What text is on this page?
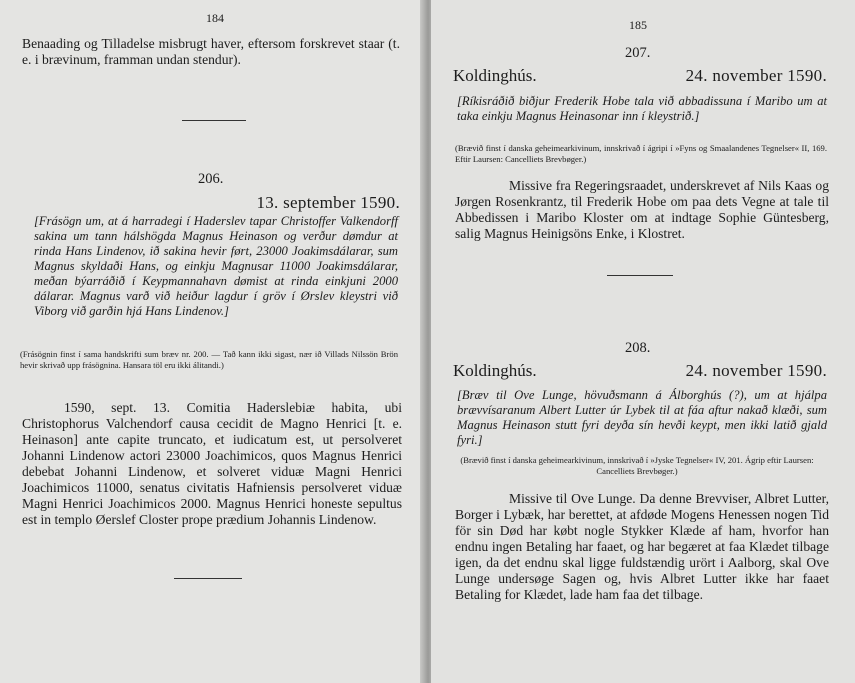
184

Benaading og Tilladelse misbrugt haver, eftersom forskrevet staar (t. e. i brævinum, framman undan stendur).

206.
13. september 1590.

[Frásögn um, at á harradegi í Haderslev tapar Christoffer Valkendorff sakina um tann hálshögda Magnus Heinason og verður dømdur at rinda Hans Lindenov, ið sakina hevir ført, 23000 Joakimsdálarar, sum Magnus skyldaði Hans, og einkju Magnusar 11000 Joakimsdálarar, meðan býarráðið í Keypmannahavn dømist at rinda einkjuni 2000 dálarar. Magnus varð við heiður lagdur í gröv í Ørslev kleystri við Viborg við garðin hjá Hans Lindenov.]

(Frásögnin finst í sama handskrifti sum bræv nr. 200. — Tað kann ikki sigast, nær ið Villads Nilssön Brön hevir skrivað upp frásögnina. Hansara töl eru ikki álitandi.)

1590, sept. 13. Comitia Haderslebiæ habita, ubi Christophorus Valchendorf causa cecidit de Magno Henrici [t. e. Heinason] ante capite truncato, et iudicatum est, ut persolveret Johanni Lindenow actori 23000 Joachimicos, quos Magnus Henrici debebat Johanni Lindenow, et solveret viduæ Magni Henrici Joachimicos 11000, senatus civitatis Hafniensis persolveret viduæ Magni Henrici Joachimicos 2000. Magnus Henrici honeste sepultus est in templo Øerslef Closter prope prædium Johannis Lindenow.

185
207.
Koldinghús.	24. november 1590.

[Ríkisráðið biðjur Frederik Hobe tala við abbadissuna í Maribo um at taka einkju Magnus Heinasonar inn í kleystrið.]

(Brævið finst í danska geheimearkivinum, innskrivað í ágripi í »Fyns og Smaalandenes Tegnelser« II, 169. Eftir Laursen: Cancelliets Brevbøger.)

Missive fra Regeringsraadet, underskrevet af Nils Kaas og Jørgen Rosenkrantz, til Frederik Hobe om paa dets Vegne at tale til Abbedissen i Maribo Kloster om at indtage Sophie Güntesberg, salig Magnus Heinigsöns Enke, i Klostret.

208.
Koldinghús.	24. november 1590.

[Bræv til Ove Lunge, hövuðsmann á Álborghús (?), um at hjálpa brævvísaranum Albert Lutter úr Lybek til at fáa aftur nakað klæði, sum Magnus Heinason stutt fyri deyða sín hevði keypt, men ikki latið gjald fyri.]

(Brævið finst í danska geheimearkivinum, innskrivað í »Jyske Tegnelser« IV, 201. Ágrip eftir Laursen: Cancelliets Brevbøger.)

Missive til Ove Lunge. Da denne Brevviser, Albret Lutter, Borger i Lybæk, har berettet, at afdøde Mogens Henessen nogen Tid för sin Død har købt nogle Stykker Klæde af ham, hvorfor han endnu ingen Betaling har faaet, og har begæret at faa Klædet tilbage igen, da det endnu skal ligge fuldstændig urört i Aalborg, skal Ove Lunge undersøge Sagen og, hvis Albret Lutter ikke har faaet Betaling for Klædet, lade ham faa det tilbage.
